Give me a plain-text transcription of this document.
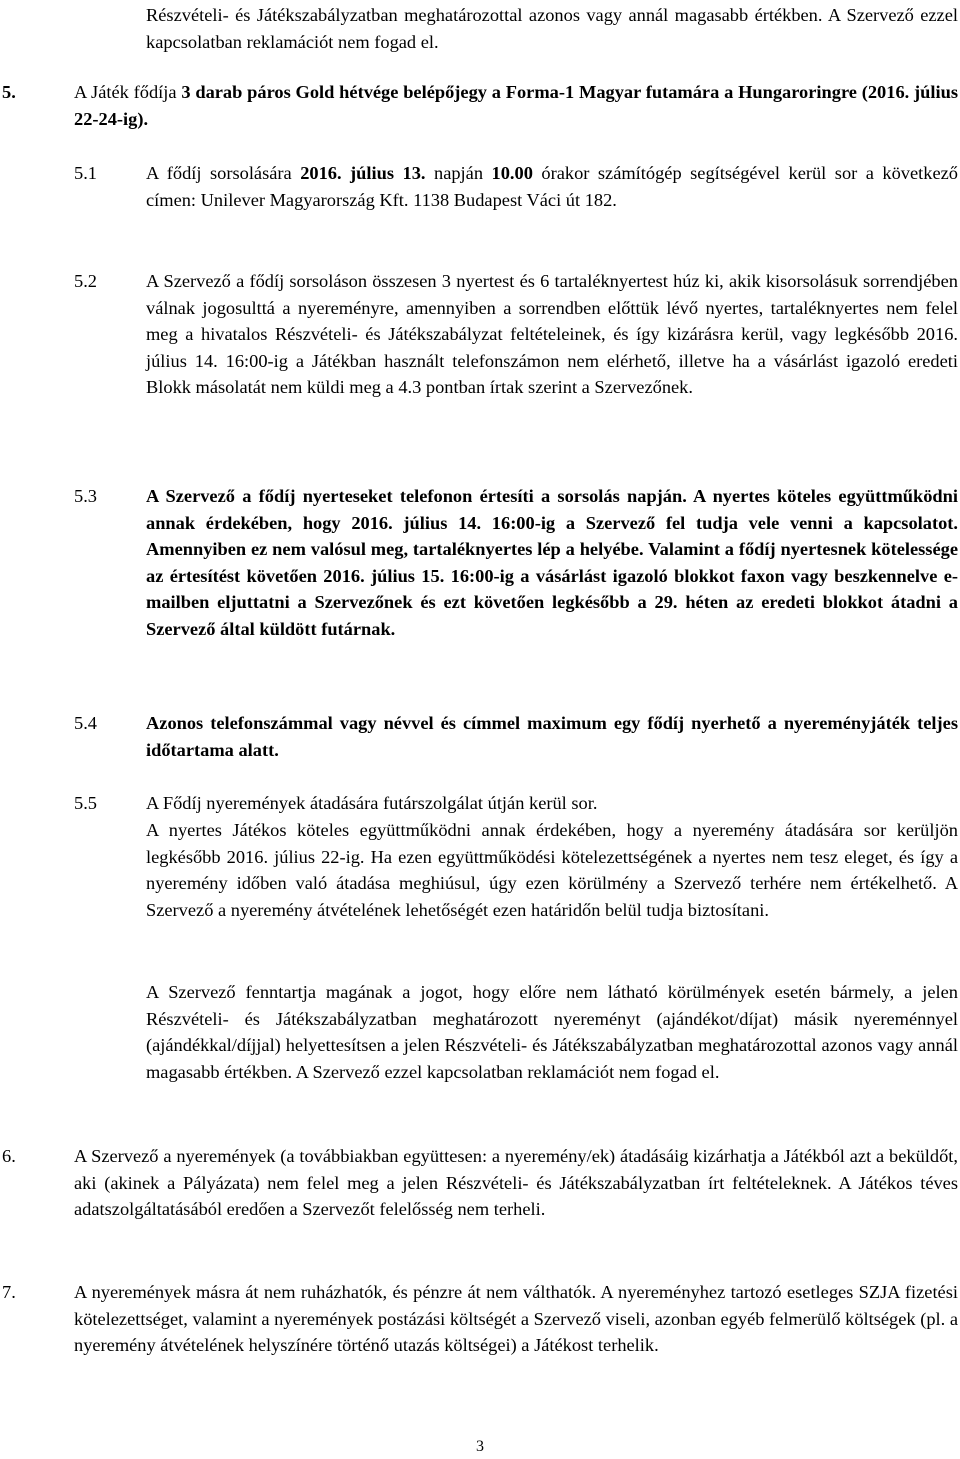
Részvételi- és Játékszabályzatban meghatározottal azonos vagy annál magasabb értékben. A Szervező ezzel kapcsolatban reklamációt nem fogad el.
5.	A Játék fődíja 3 darab páros Gold hétvége belépőjegy a Forma-1 Magyar futamára a Hungaroringre (2016. július 22-24-ig).
5.1	A fődíj sorsolására 2016. július 13. napján 10.00 órakor számítógép segítségével kerül sor a következő címen: Unilever Magyarország Kft. 1138 Budapest Váci út 182.
5.2	A Szervező a fődíj sorsoláson összesen 3 nyertest és 6 tartaléknyertest húz ki, akik kisorsolásuk sorrendjében válnak jogosulttá a nyereményre, amennyiben a sorrendben előttük lévő nyertes, tartaléknyertes nem felel meg a hivatalos Részvételi- és Játékszabályzat feltételeinek, és így kizárásra kerül, vagy legkésőbb 2016. július 14. 16:00-ig a Játékban használt telefonszámon nem elérhető, illetve ha a vásárlást igazoló eredeti Blokk másolatát nem küldi meg a 4.3 pontban írtak szerint a Szervezőnek.
5.3	A Szervező a fődíj nyerteseket telefonon értesíti a sorsolás napján. A nyertes köteles együttműködni annak érdekében, hogy 2016. július 14. 16:00-ig a Szervező fel tudja vele venni a kapcsolatot. Amennyiben ez nem valósul meg, tartaléknyertes lép a helyébe. Valamint a fődíj nyertesnek kötelessége az értesítést követően 2016. július 15. 16:00-ig a vásárlást igazoló blokkot faxon vagy beszkennelve e-mailben eljuttatni a Szervezőnek és ezt követően legkésőbb a 29. héten az eredeti blokkot átadni a Szervező által küldött futárnak.
5.4	Azonos telefonszámmal vagy névvel és címmel maximum egy fődíj nyerhető a nyereményjáték teljes időtartama alatt.
5.5	A Fődíj nyeremények átadására futárszolgálat útján kerül sor.
A nyertes Játékos köteles együttműködni annak érdekében, hogy a nyeremény átadására sor kerüljön legkésőbb 2016. július 22-ig. Ha ezen együttműködési kötelezettségének a nyertes nem tesz eleget, és így a nyeremény időben való átadása meghiúsul, úgy ezen körülmény a Szervező terhére nem értékelhető. A Szervező a nyeremény átvételének lehetőségét ezen határidőn belül tudja biztosítani.
A Szervező fenntartja magának a jogot, hogy előre nem látható körülmények esetén bármely, a jelen Részvételi- és Játékszabályzatban meghatározott nyereményt (ajándékot/díjat) másik nyereménnyel (ajándékkal/díjjal) helyettesítsen a jelen Részvételi- és Játékszabályzatban meghatározottal azonos vagy annál magasabb értékben. A Szervező ezzel kapcsolatban reklamációt nem fogad el.
6.	A Szervező a nyeremények (a továbbiakban együttesen: a nyeremény/ek) átadásáig kizárhatja a Játékból azt a beküldőt, aki (akinek a Pályázata) nem felel meg a jelen Részvételi- és Játékszabályzatban írt feltételeknek. A Játékos téves adatszolgáltatásából eredően a Szervezőt felelősség nem terheli.
7.	A nyeremények másra át nem ruházhatók, és pénzre át nem válthatók. A nyereményhez tartozó esetleges SZJA fizetési kötelezettséget, valamint a nyeremények postázási költségét a Szervező viseli, azonban egyéb felmerülő költségek (pl. a nyeremény átvételének helyszínére történő utazás költségei) a Játékost terhelik.
3
